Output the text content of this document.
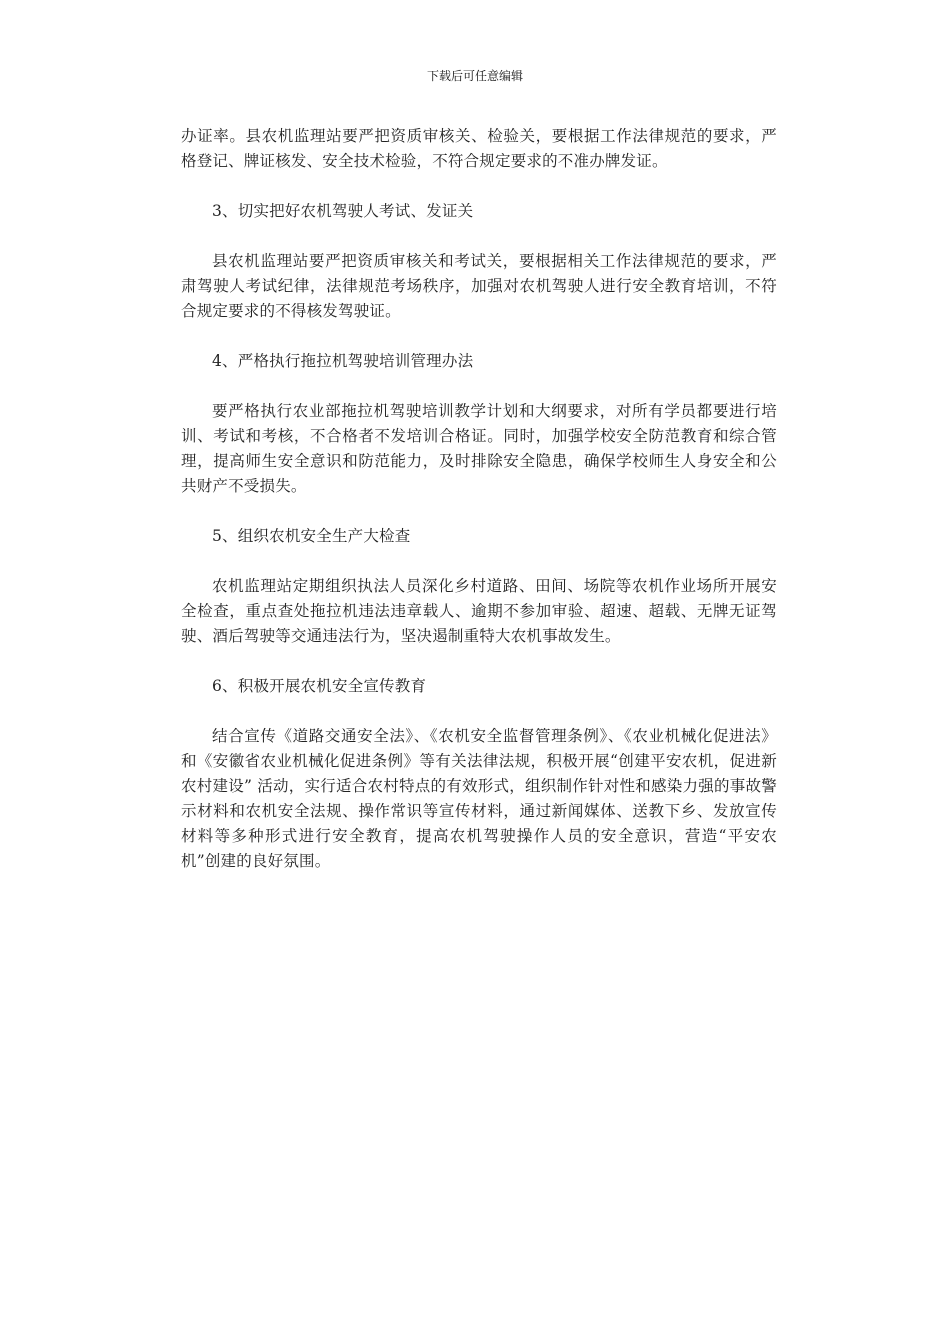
下载后可任意编辑

办证率。县农机监理站要严把资质审核关、检验关，要根据工作法律规范的要求，严格登记、牌证核发、安全技术检验，不符合规定要求的不准办牌发证。

3、切实把好农机驾驶人考试、发证关

县农机监理站要严把资质审核关和考试关，要根据相关工作法律规范的要求，严肃驾驶人考试纪律，法律规范考场秩序，加强对农机驾驶人进行安全教育培训，不符合规定要求的不得核发驾驶证。

4、严格执行拖拉机驾驶培训管理办法

要严格执行农业部拖拉机驾驶培训教学计划和大纲要求，对所有学员都要进行培训、考试和考核，不合格者不发培训合格证。同时，加强学校安全防范教育和综合管理，提高师生安全意识和防范能力，及时排除安全隐患，确保学校师生人身安全和公共财产不受损失。

5、组织农机安全生产大检查

农机监理站定期组织执法人员深化乡村道路、田间、场院等农机作业场所开展安全检查，重点查处拖拉机违法违章载人、逾期不参加审验、超速、超载、无牌无证驾驶、酒后驾驶等交通违法行为，坚决遏制重特大农机事故发生。

6、积极开展农机安全宣传教育

结合宣传《道路交通安全法》、《农机安全监督管理条例》、《农业机械化促进法》和《安徽省农业机械化促进条例》等有关法律法规，积极开展“创建平安农机，促进新农村建设” 活动，实行适合农村特点的有效形式，组织制作针对性和感染力强的事故警示材料和农机安全法规、操作常识等宣传材料，通过新闻媒体、送教下乡、发放宣传材料等多种形式进行安全教育，提高农机驾驶操作人员的安全意识，营造“平安农机”创建的良好氛围。
